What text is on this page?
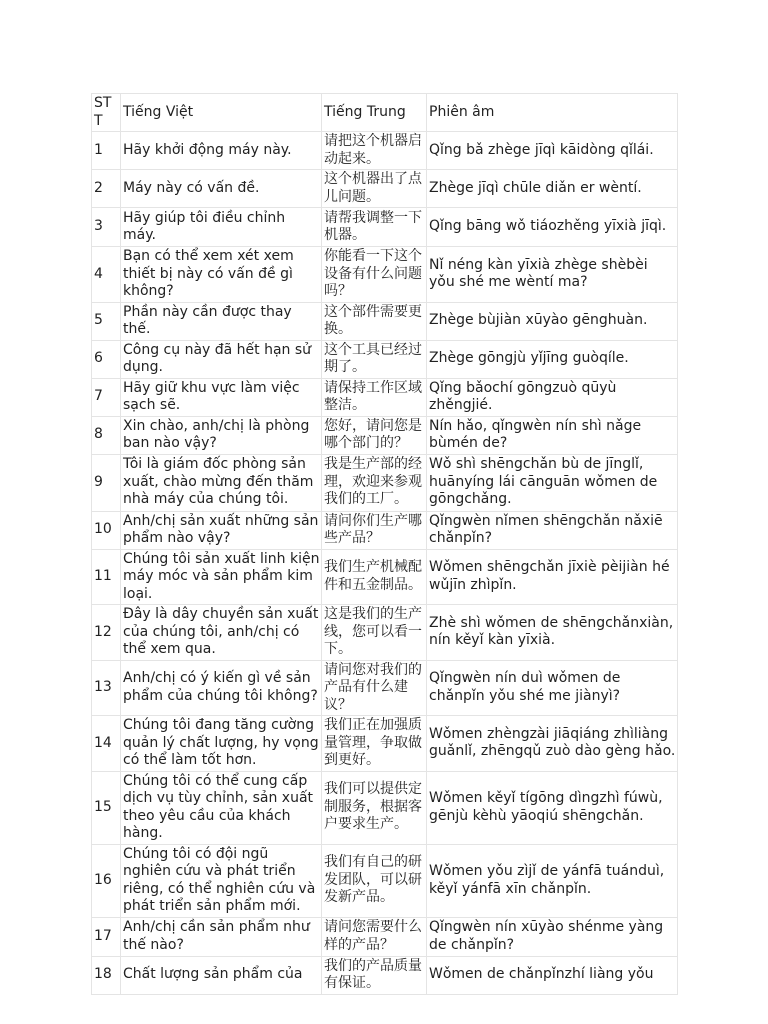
STT	Tiếng Việt	Tiếng Trung	Phiên âm
1	Hãy khởi động máy này.	请把这个机器启动起来。	Qǐng bǎ zhège jīqì kāidòng qǐlái.
2	Máy này có vấn đề.	这个机器出了点儿问题。	Zhège jīqì chūle diǎn er wèntí.
3	Hãy giúp tôi điều chỉnh máy.	请帮我调整一下机器。	Qǐng bāng wǒ tiáozhěng yīxià jīqì.
4	Bạn có thể xem xét xem thiết bị này có vấn đề gì không?	你能看一下这个设备有什么问题吗？	Nǐ néng kàn yīxià zhège shèbèi yǒu shé me wèntí ma?
5	Phần này cần được thay thế.	这个部件需要更换。	Zhège bùjiàn xūyào gēnghuàn.
6	Công cụ này đã hết hạn sử dụng.	这个工具已经过期了。	Zhège gōngjù yǐjīng guòqíle.
7	Hãy giữ khu vực làm việc sạch sẽ.	请保持工作区域整洁。	Qǐng bǎochí gōngzuò qūyù zhěngjié.
8	Xin chào, anh/chị là phòng ban nào vậy?	您好，请问您是哪个部门的？	Nín hǎo, qǐngwèn nín shì nǎge bùmén de?
9	Tôi là giám đốc phòng sản xuất, chào mừng đến thăm nhà máy của chúng tôi.	我是生产部的经理，欢迎来参观我们的工厂。	Wǒ shì shēngchǎn bù de jīnglǐ, huānyíng lái cānguān wǒmen de gōngchǎng.
10	Anh/chị sản xuất những sản phẩm nào vậy?	请问你们生产哪些产品？	Qǐngwèn nǐmen shēngchǎn nǎxiē chǎnpǐn?
11	Chúng tôi sản xuất linh kiện máy móc và sản phẩm kim loại.	我们生产机械配件和五金制品。	Wǒmen shēngchǎn jīxiè pèijiàn hé wǔjīn zhìpǐn.
12	Đây là dây chuyền sản xuất của chúng tôi, anh/chị có thể xem qua.	这是我们的生产线，您可以看一下。	Zhè shì wǒmen de shēngchǎnxiàn, nín kěyǐ kàn yīxià.
13	Anh/chị có ý kiến gì về sản phẩm của chúng tôi không?	请问您对我们的产品有什么建议？	Qǐngwèn nín duì wǒmen de chǎnpǐn yǒu shé me jiànyì?
14	Chúng tôi đang tăng cường quản lý chất lượng, hy vọng có thể làm tốt hơn.	我们正在加强质量管理，争取做到更好。	Wǒmen zhèngzài jiāqiáng zhìliàng guǎnlǐ, zhēngqǔ zuò dào gèng hǎo.
15	Chúng tôi có thể cung cấp dịch vụ tùy chỉnh, sản xuất theo yêu cầu của khách hàng.	我们可以提供定制服务，根据客户要求生产。	Wǒmen kěyǐ tígōng dìngzhì fúwù, gēnjù kèhù yāoqiú shēngchǎn.
16	Chúng tôi có đội ngũ nghiên cứu và phát triển riêng, có thể nghiên cứu và phát triển sản phẩm mới.	我们有自己的研发团队，可以研发新产品。	Wǒmen yǒu zìjǐ de yánfā tuánduì, kěyǐ yánfā xīn chǎnpǐn.
17	Anh/chị cần sản phẩm như thế nào?	请问您需要什么样的产品？	Qǐngwèn nín xūyào shénme yàng de chǎnpǐn?
18	Chất lượng sản phẩm của	我们的产品质量有保证。	Wǒmen de chǎnpǐnzhí liàng yǒu
